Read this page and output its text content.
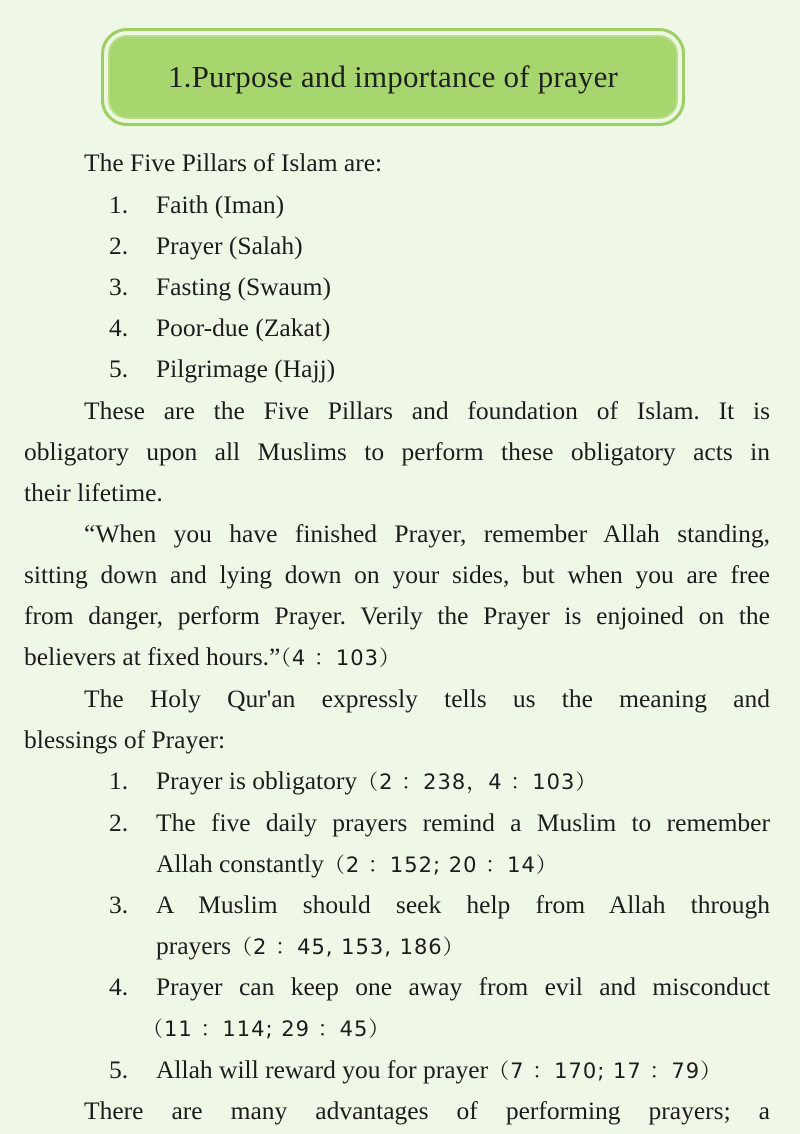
1.Purpose and importance of prayer
The Five Pillars of Islam are:
1. Faith (Iman)
2. Prayer (Salah)
3. Fasting (Swaum)
4. Poor-due (Zakat)
5. Pilgrimage (Hajj)
These are the Five Pillars and foundation of Islam. It is
obligatory upon all Muslims to perform these obligatory acts in
their lifetime.
“When you have finished Prayer, remember Allah standing,
sitting down and lying down on your sides, but when you are free
from danger, perform Prayer. Verily the Prayer is enjoined on the
believers at fixed hours.”（4 ：103）
The Holy Qur'an expressly tells us the meaning and
blessings of Prayer:
1. Prayer is obligatory（2 ：238，4 ：103）
2. The five daily prayers remind a Muslim to remember
Allah constantly（2 ：152; 20 ：14）
3. A Muslim should seek help from Allah through
prayers（2 ：45, 153, 186）
4. Prayer can keep one away from evil and misconduct
（11 ：114; 29 ：45）
5. Allah will reward you for prayer（7 ：170; 17 ：79）
There are many advantages of performing prayers; a
